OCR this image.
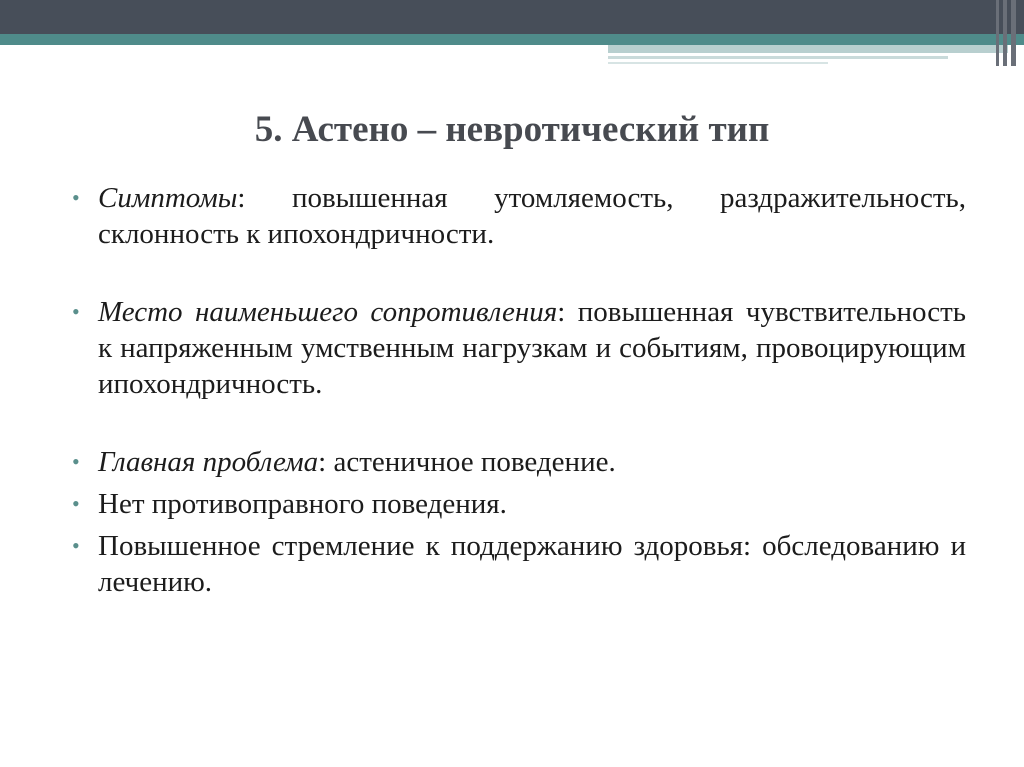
5. Астено – невротический тип

• Симптомы: повышенная утомляемость, раздражительность, склонность к ипохондричности.

• Место наименьшего сопротивления: повышенная чувствительность к напряженным умственным нагрузкам и событиям, провоцирующим ипохондричность.

• Главная проблема: астеничное поведение.

• Нет противоправного поведения.

• Повышенное стремление к поддержанию здоровья: обследованию и лечению.
